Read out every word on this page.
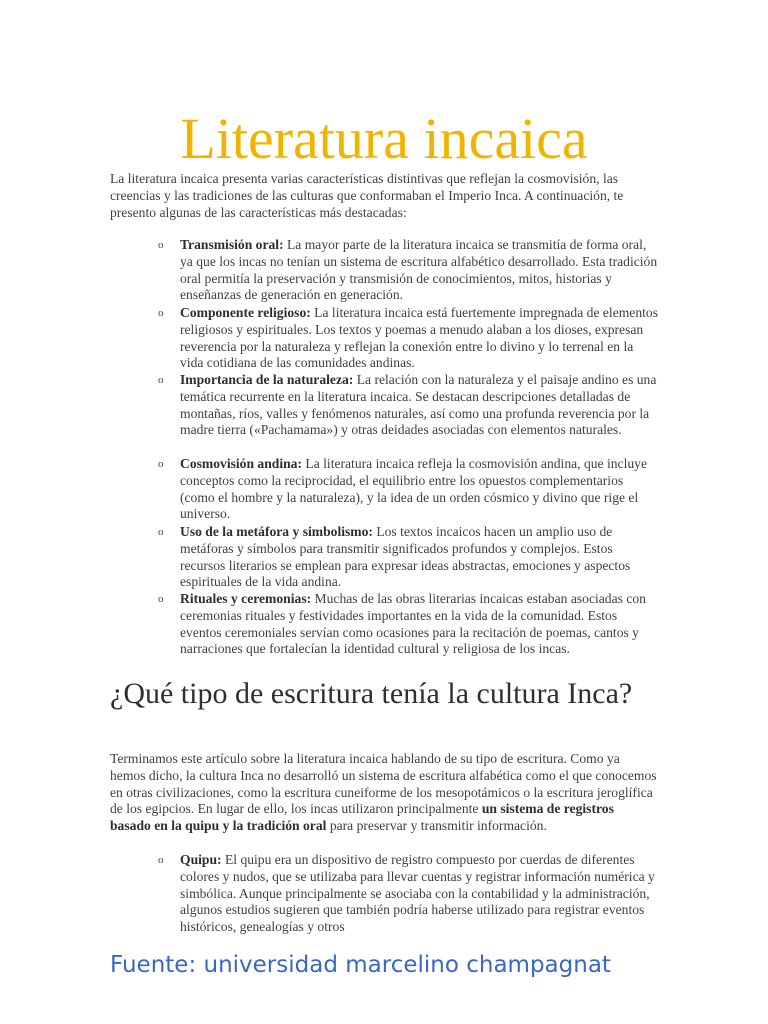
Literatura incaica

La literatura incaica presenta varias características distintivas que reflejan la cosmovisión, las creencias y las tradiciones de las culturas que conformaban el Imperio Inca. A continuación, te presento algunas de las características más destacadas:

o Transmisión oral: La mayor parte de la literatura incaica se transmitía de forma oral, ya que los incas no tenían un sistema de escritura alfabético desarrollado. Esta tradición oral permitía la preservación y transmisión de conocimientos, mitos, historias y enseñanzas de generación en generación.
o Componente religioso: La literatura incaica está fuertemente impregnada de elementos religiosos y espirituales. Los textos y poemas a menudo alaban a los dioses, expresan reverencia por la naturaleza y reflejan la conexión entre lo divino y lo terrenal en la vida cotidiana de las comunidades andinas.
o Importancia de la naturaleza: La relación con la naturaleza y el paisaje andino es una temática recurrente en la literatura incaica. Se destacan descripciones detalladas de montañas, ríos, valles y fenómenos naturales, así como una profunda reverencia por la madre tierra («Pachamama») y otras deidades asociadas con elementos naturales.
o Cosmovisión andina: La literatura incaica refleja la cosmovisión andina, que incluye conceptos como la reciprocidad, el equilibrio entre los opuestos complementarios (como el hombre y la naturaleza), y la idea de un orden cósmico y divino que rige el universo.
o Uso de la metáfora y simbolismo: Los textos incaicos hacen un amplio uso de metáforas y símbolos para transmitir significados profundos y complejos. Estos recursos literarios se emplean para expresar ideas abstractas, emociones y aspectos espirituales de la vida andina.
o Rituales y ceremonias: Muchas de las obras literarias incaicas estaban asociadas con ceremonias rituales y festividades importantes en la vida de la comunidad. Estos eventos ceremoniales servían como ocasiones para la recitación de poemas, cantos y narraciones que fortalecían la identidad cultural y religiosa de los incas.
¿Qué tipo de escritura tenía la cultura Inca?

Terminamos este artículo sobre la literatura incaica hablando de su tipo de escritura. Como ya hemos dicho, la cultura Inca no desarrolló un sistema de escritura alfabética como el que conocemos en otras civilizaciones, como la escritura cuneiforme de los mesopotámicos o la escritura jeroglífica de los egipcios. En lugar de ello, los incas utilizaron principalmente un sistema de registros basado en la quipu y la tradición oral para preservar y transmitir información.

o Quipu: El quipu era un dispositivo de registro compuesto por cuerdas de diferentes colores y nudos, que se utilizaba para llevar cuentas y registrar información numérica y simbólica. Aunque principalmente se asociaba con la contabilidad y la administración, algunos estudios sugieren que también podría haberse utilizado para registrar eventos históricos, genealogías y otros

Fuente: universidad marcelino champagnat
